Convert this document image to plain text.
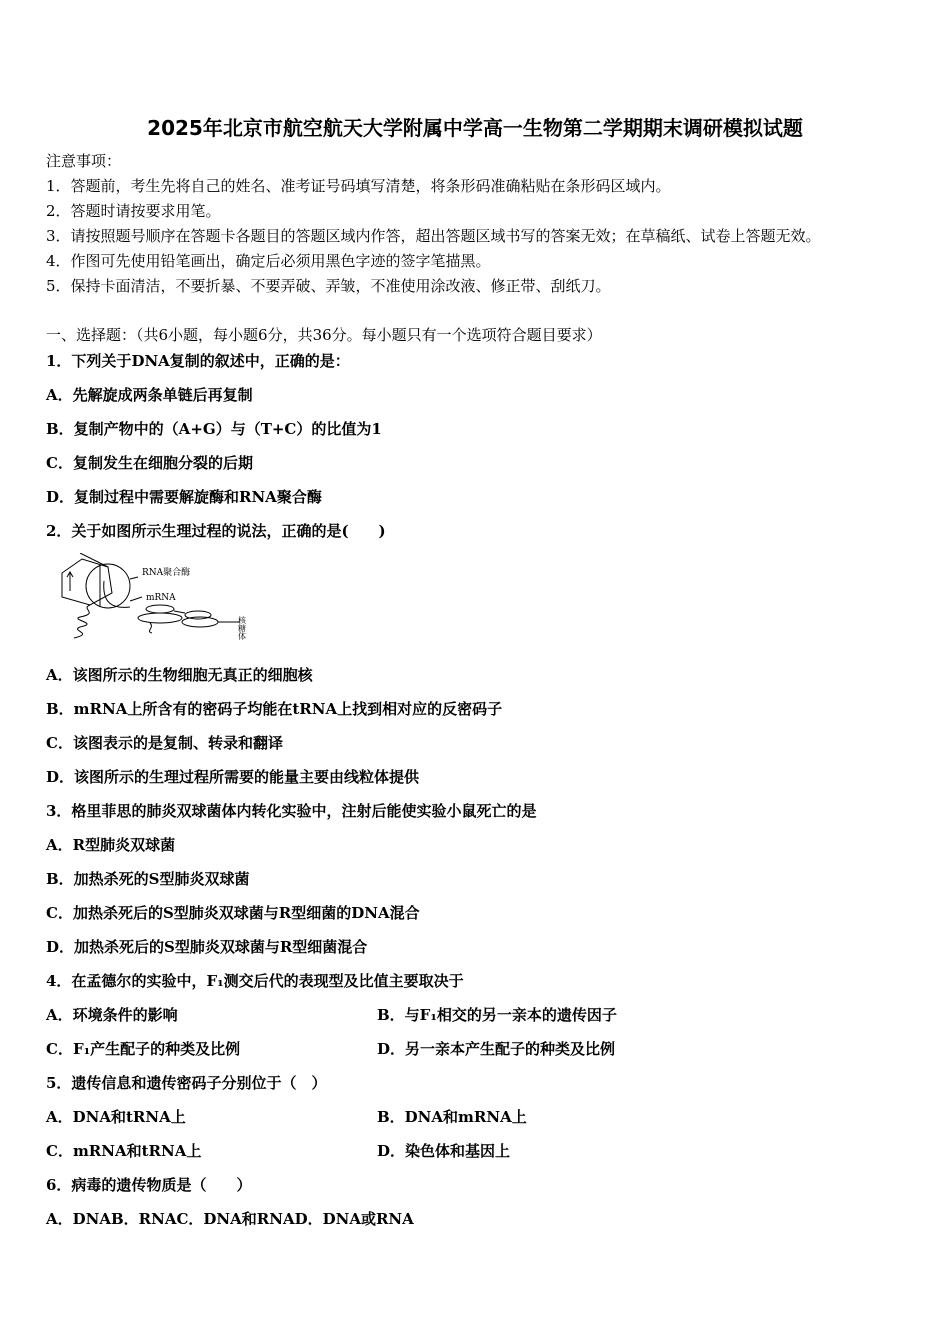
2025年北京市航空航天大学附属中学高一生物第二学期期末调研模拟试题
注意事项：
1．答题前，考生先将自己的姓名、准考证号码填写清楚，将条形码准确粘贴在条形码区域内。
2．答题时请按要求用笔。
3．请按照题号顺序在答题卡各题目的答题区域内作答，超出答题区域书写的答案无效；在草稿纸、试卷上答题无效。
4．作图可先使用铅笔画出，确定后必须用黑色字迹的签字笔描黑。
5．保持卡面清洁，不要折暴、不要弄破、弄皱，不准使用涂改液、修正带、刮纸刀。
一、选择题：（共6小题，每小题6分，共36分。每小题只有一个选项符合题目要求）
1．下列关于DNA复制的叙述中，正确的是：
A．先解旋成两条单链后再复制
B．复制产物中的（A+G）与（T+C）的比值为1
C．复制发生在细胞分裂的后期
D．复制过程中需要解旋酶和RNA聚合酶
2．关于如图所示生理过程的说法，正确的是(　　)
RNA聚合酶
mRNA
核糖体
A．该图所示的生物细胞无真正的细胞核
B．mRNA上所含有的密码子均能在tRNA上找到相对应的反密码子
C．该图表示的是复制、转录和翻译
D．该图所示的生理过程所需要的能量主要由线粒体提供
3．格里菲思的肺炎双球菌体内转化实验中，注射后能使实验小鼠死亡的是
A．R型肺炎双球菌
B．加热杀死的S型肺炎双球菌
C．加热杀死后的S型肺炎双球菌与R型细菌的DNA混合
D．加热杀死后的S型肺炎双球菌与R型细菌混合
4．在孟德尔的实验中，F₁测交后代的表现型及比值主要取决于
A．环境条件的影响	B．与F₁相交的另一亲本的遗传因子
C．F₁产生配子的种类及比例	D．另一亲本产生配子的种类及比例
5．遗传信息和遗传密码子分别位于（　）
A．DNA和tRNA上	B．DNA和mRNA上
C．mRNA和tRNA上	D．染色体和基因上
6．病毒的遗传物质是（　　）
A．DNAB．RNAC．DNA和RNAD．DNA或RNA
